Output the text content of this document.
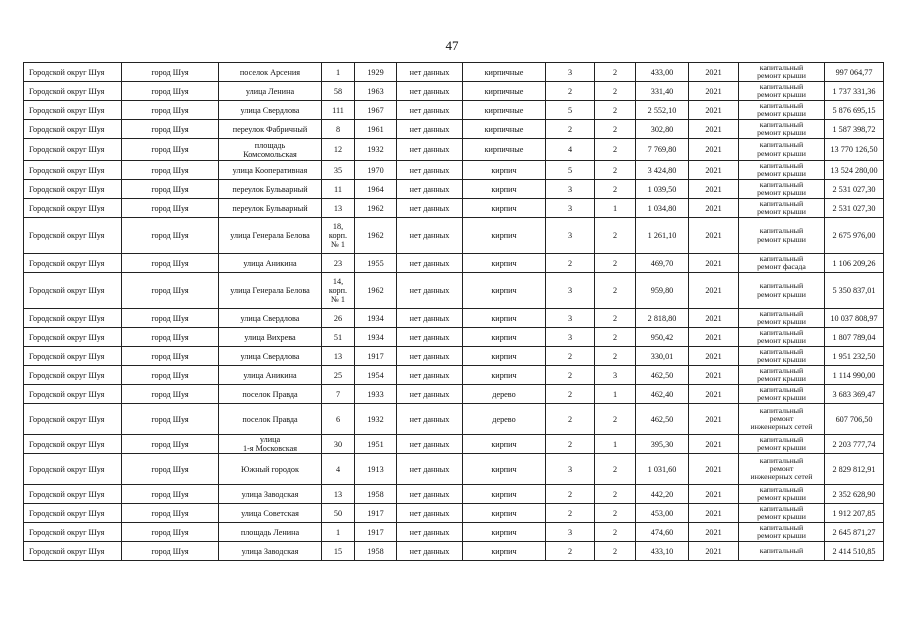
47
Городской округ Шуя	город Шуя	поселок Арсения	1	1929	нет данных	кирпичные	3	2	433,00	2021	капитальный
ремонт крыши	997 064,77
Городской округ Шуя	город Шуя	улица Ленина	58	1963	нет данных	кирпичные	2	2	331,40	2021	капитальный
ремонт крыши	1 737 331,36
Городской округ Шуя	город Шуя	улица Свердлова	111	1967	нет данных	кирпичные	5	2	2 552,10	2021	капитальный
ремонт крыши	5 876 695,15
Городской округ Шуя	город Шуя	переулок Фабричный	8	1961	нет данных	кирпичные	2	2	302,80	2021	капитальный
ремонт крыши	1 587 398,72
Городской округ Шуя	город Шуя	площадь
Комсомольская	12	1932	нет данных	кирпичные	4	2	7 769,80	2021	капитальный
ремонт крыши	13 770 126,50
Городской округ Шуя	город Шуя	улица Кооперативная	35	1970	нет данных	кирпич	5	2	3 424,80	2021	капитальный
ремонт крыши	13 524 280,00
Городской округ Шуя	город Шуя	переулок Бульварный	11	1964	нет данных	кирпич	3	2	1 039,50	2021	капитальный
ремонт крыши	2 531 027,30
Городской округ Шуя	город Шуя	переулок Бульварный	13	1962	нет данных	кирпич	3	1	1 034,80	2021	капитальный
ремонт крыши	2 531 027,30
Городской округ Шуя	город Шуя	улица Генерала Белова	18,
корп.
№ 1	1962	нет данных	кирпич	3	2	1 261,10	2021	капитальный
ремонт крыши	2 675 976,00
Городской округ Шуя	город Шуя	улица Аникина	23	1955	нет данных	кирпич	2	2	469,70	2021	капитальный
ремонт фасада	1 106 209,26
Городской округ Шуя	город Шуя	улица Генерала Белова	14,
корп.
№ 1	1962	нет данных	кирпич	3	2	959,80	2021	капитальный
ремонт крыши	5 350 837,01
Городской округ Шуя	город Шуя	улица Свердлова	26	1934	нет данных	кирпич	3	2	2 818,80	2021	капитальный
ремонт крыши	10 037 808,97
Городской округ Шуя	город Шуя	улица Вихрева	51	1934	нет данных	кирпич	3	2	950,42	2021	капитальный
ремонт крыши	1 807 789,04
Городской округ Шуя	город Шуя	улица Свердлова	13	1917	нет данных	кирпич	2	2	330,01	2021	капитальный
ремонт крыши	1 951 232,50
Городской округ Шуя	город Шуя	улица Аникина	25	1954	нет данных	кирпич	2	3	462,50	2021	капитальный
ремонт крыши	1 114 990,00
Городской округ Шуя	город Шуя	поселок Правда	7	1933	нет данных	дерево	2	1	462,40	2021	капитальный
ремонт крыши	3 683 369,47
Городской округ Шуя	город Шуя	поселок Правда	6	1932	нет данных	дерево	2	2	462,50	2021	капитальный
ремонт
инженерных сетей	607 706,50
Городской округ Шуя	город Шуя	улица
1-я Московская	30	1951	нет данных	кирпич	2	1	395,30	2021	капитальный
ремонт крыши	2 203 777,74
Городской округ Шуя	город Шуя	Южный городок	4	1913	нет данных	кирпич	3	2	1 031,60	2021	капитальный
ремонт
инженерных сетей	2 829 812,91
Городской округ Шуя	город Шуя	улица Заводская	13	1958	нет данных	кирпич	2	2	442,20	2021	капитальный
ремонт крыши	2 352 628,90
Городской округ Шуя	город Шуя	улица Советская	50	1917	нет данных	кирпич	2	2	453,00	2021	капитальный
ремонт крыши	1 912 207,85
Городской округ Шуя	город Шуя	площадь Ленина	1	1917	нет данных	кирпич	3	2	474,60	2021	капитальный
ремонт крыши	2 645 871,27
Городской округ Шуя	город Шуя	улица Заводская	15	1958	нет данных	кирпич	2	2	433,10	2021	капитальный	2 414 510,85
